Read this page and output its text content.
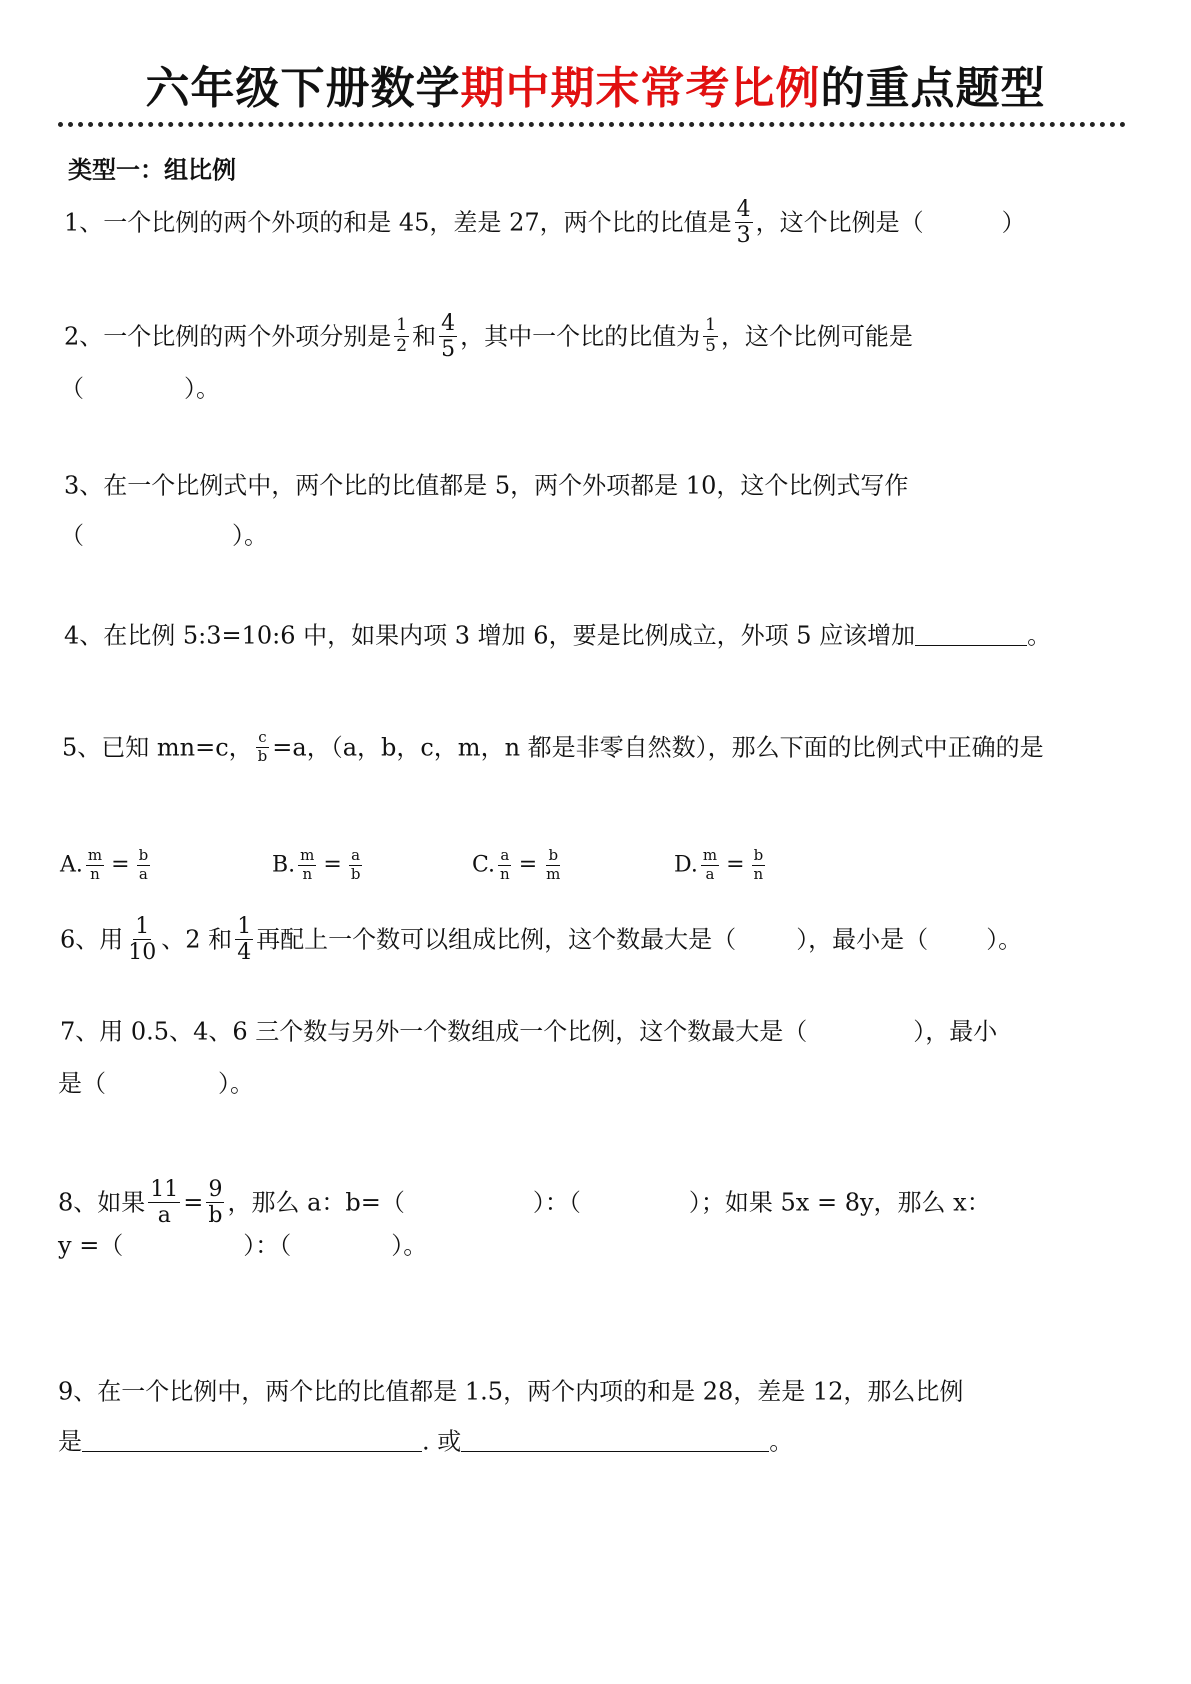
六年级下册数学期中期末常考比例的重点题型
类型一：组比例
1、一个比例的两个外项的和是 45，差是 27，两个比的比值是 $\frac{4}{3}$ ，这个比例是（	）
2、一个比例的两个外项分别是 $\frac{1}{2}$ 和 $\frac{4}{5}$ ，其中一个比的比值为 $\frac{1}{5}$ ，这个比例可能是
（	）。
3、在一个比例式中，两个比的比值都是 5，两个外项都是 10，这个比例式写作
（	）。
4、在比例 5:3=10:6 中，如果内项 3 增加 6，要是比例成立，外项 5 应该增加	。
5、已知 mn=c， $\frac{c}{b} =a$，（a，b，c，m，n 都是非零自然数），那么下面的比例式中正确的是
A. $\frac{m}{n} = \frac{b}{a}$	B. $\frac{m}{n} = \frac{a}{b}$	C. $\frac{a}{n} = \frac{b}{m}$	D. $\frac{m}{a} = \frac{b}{n}$
6、用 $\frac{1}{10}$ 、2 和 $\frac{1}{4}$ 再配上一个数可以组成比例，这个数最大是（	），最小是（ ）。
7、用 0.5、4、6 三个数与另外一个数组成一个比例，这个数最大是（	），最小
是（	）。
8、如果 $\frac{11}{a} = \frac{9}{b}$ ，那么 a：b=（	）：（	）；如果 5x = 8y，那么 x：
y =（	）：（	）。
9、在一个比例中，两个比的比值都是 1.5，两个内项的和是 28，差是 12，那么比例
是	. 或	。
